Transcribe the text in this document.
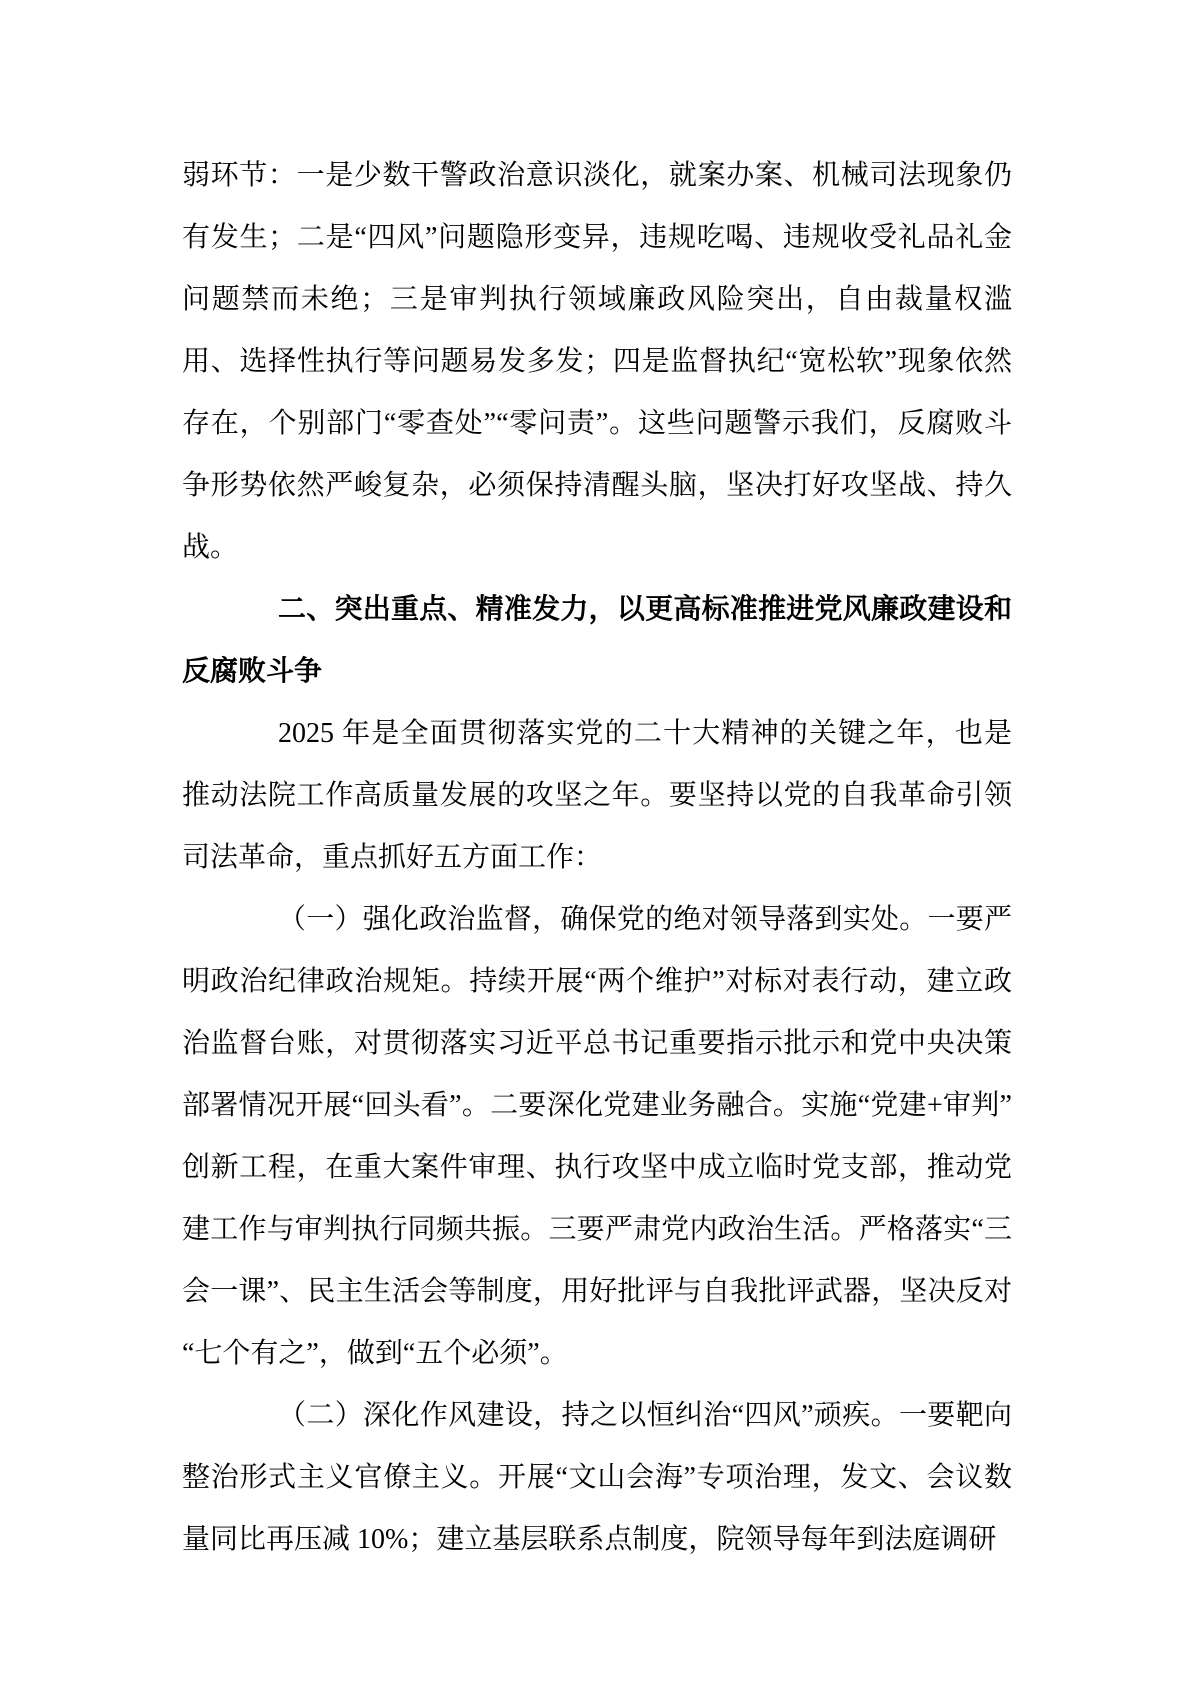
弱环节：一是少数干警政治意识淡化，就案办案、机械司法现象仍有发生；二是“四风”问题隐形变异，违规吃喝、违规收受礼品礼金问题禁而未绝；三是审判执行领域廉政风险突出，自由裁量权滥用、选择性执行等问题易发多发；四是监督执纪“宽松软”现象依然存在，个别部门“零查处”“零问责”。这些问题警示我们，反腐败斗争形势依然严峻复杂，必须保持清醒头脑，坚决打好攻坚战、持久战。

二、突出重点、精准发力，以更高标准推进党风廉政建设和反腐败斗争

2025 年是全面贯彻落实党的二十大精神的关键之年，也是推动法院工作高质量发展的攻坚之年。要坚持以党的自我革命引领司法革命，重点抓好五方面工作：

（一）强化政治监督，确保党的绝对领导落到实处。一要严明政治纪律政治规矩。持续开展“两个维护”对标对表行动，建立政治监督台账，对贯彻落实习近平总书记重要指示批示和党中央决策部署情况开展“回头看”。二要深化党建业务融合。实施“党建+审判”创新工程，在重大案件审理、执行攻坚中成立临时党支部，推动党建工作与审判执行同频共振。三要严肃党内政治生活。严格落实“三会一课”、民主生活会等制度，用好批评与自我批评武器，坚决反对“七个有之”，做到“五个必须”。

（二）深化作风建设，持之以恒纠治“四风”顽疾。一要靶向整治形式主义官僚主义。开展“文山会海”专项治理，发文、会议数量同比再压减 10%；建立基层联系点制度，院领导每年到法庭调研
